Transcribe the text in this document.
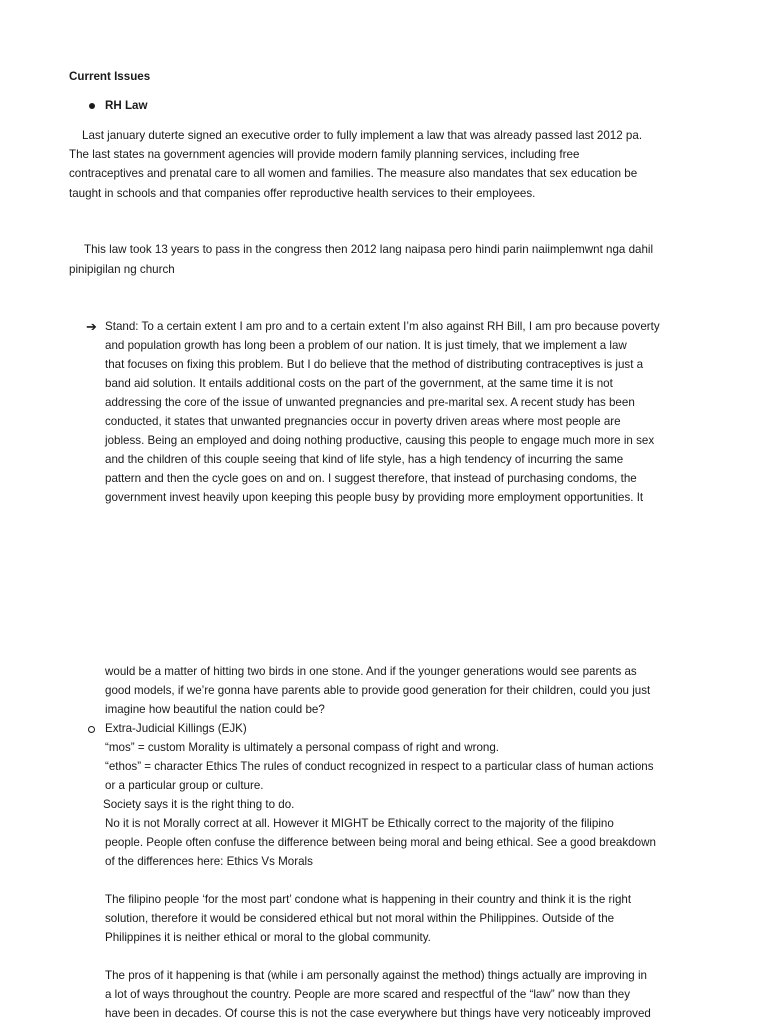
Current Issues
RH Law
Last january duterte signed an executive order to fully implement a law that was already passed last 2012 pa.
The last states na government agencies will provide modern family planning services, including free
contraceptives and prenatal care to all women and families. The measure also mandates that sex education be
taught in schools and that companies offer reproductive health services to their employees.
This law took 13 years to pass in the congress then 2012 lang naipasa pero hindi parin naiimplemwnt nga dahil
pinipigilan ng church
➔ Stand: To a certain extent I am pro and to a certain extent I’m also against RH Bill, I am pro because poverty
and population growth has long been a problem of our nation. It is just timely, that we implement a law
that focuses on fixing this problem. But I do believe that the method of distributing contraceptives is just a
band aid solution. It entails additional costs on the part of the government, at the same time it is not
addressing the core of the issue of unwanted pregnancies and pre-marital sex. A recent study has been
conducted, it states that unwanted pregnancies occur in poverty driven areas where most people are
jobless. Being an employed and doing nothing productive, causing this people to engage much more in sex
and the children of this couple seeing that kind of life style, has a high tendency of incurring the same
pattern and then the cycle goes on and on. I suggest therefore, that instead of purchasing condoms, the
government invest heavily upon keeping this people busy by providing more employment opportunities. It
would be a matter of hitting two birds in one stone. And if the younger generations would see parents as
good models, if we’re gonna have parents able to provide good generation for their children, could you just
imagine how beautiful the nation could be?
Extra-Judicial Killings (EJK)
“mos” = custom Morality is ultimately a personal compass of right and wrong.
“ethos” = character Ethics The rules of conduct recognized in respect to a particular class of human actions
or a particular group or culture.
Society says it is the right thing to do.
No it is not Morally correct at all. However it MIGHT be Ethically correct to the majority of the filipino
people. People often confuse the difference between being moral and being ethical. See a good breakdown
of the differences here: Ethics Vs Morals
The filipino people ‘for the most part’ condone what is happening in their country and think it is the right
solution, therefore it would be considered ethical but not moral within the Philippines. Outside of the
Philippines it is neither ethical or moral to the global community.
The pros of it happening is that (while i am personally against the method) things actually are improving in
a lot of ways throughout the country. People are more scared and respectful of the “law” now than they
have been in decades. Of course this is not the case everywhere but things have very noticeably improved
